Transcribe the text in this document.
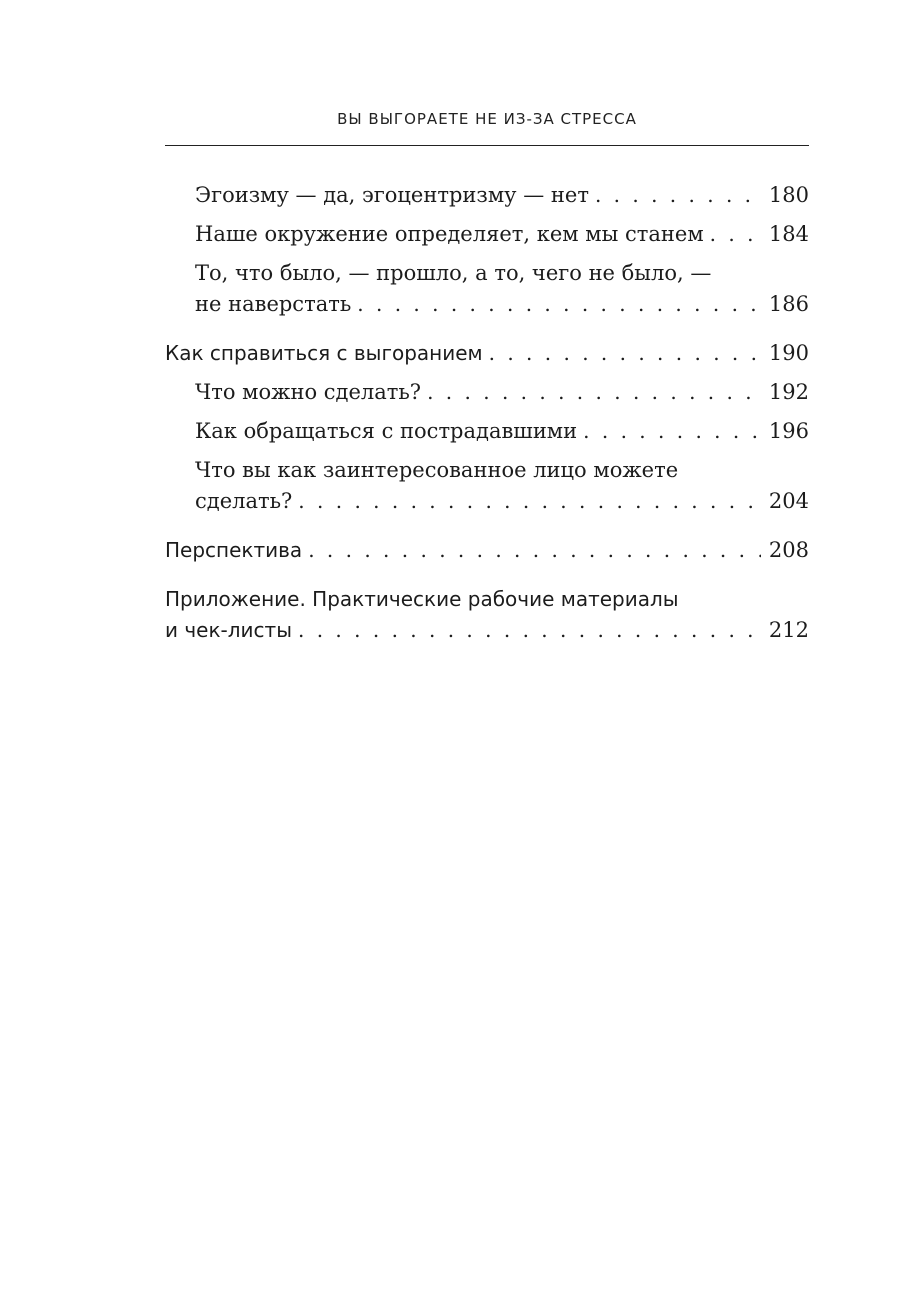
ВЫ ВЫГОРАЕТЕ НЕ ИЗ-ЗА СТРЕССА
Эгоизму — да, эгоцентризму — нет . . .	180
Наше окружение определяет, кем мы станем . . .	184
То, что было, — прошло, а то, чего не было, —
не наверстать . . .	186
Как справиться с выгоранием . . .	190
Что можно сделать? . . .	192
Как обращаться с пострадавшими . . .	196
Что вы как заинтересованное лицо можете
сделать? . . .	204
Перспектива . . .	208
Приложение. Практические рабочие материалы
и чек-листы . . .	212
